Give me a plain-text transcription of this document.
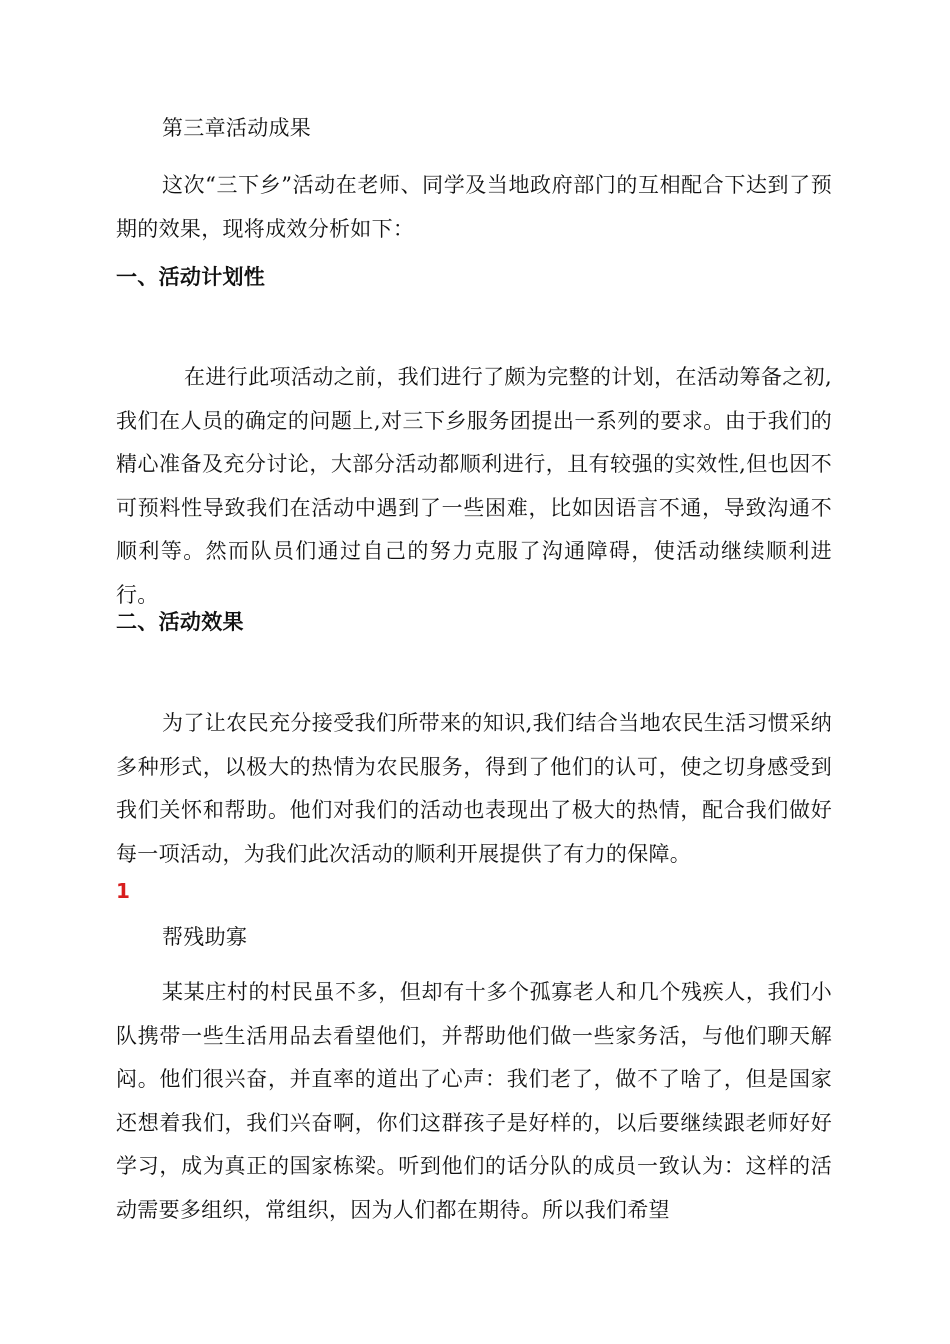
第三章活动成果

这次“三下乡”活动在老师、同学及当地政府部门的互相配合下达到了预期的效果，现将成效分析如下：

一、活动计划性

在进行此项活动之前，我们进行了颇为完整的计划，在活动筹备之初,我们在人员的确定的问题上,对三下乡服务团提出一系列的要求。由于我们的精心准备及充分讨论，大部分活动都顺利进行，且有较强的实效性,但也因不可预料性导致我们在活动中遇到了一些困难，比如因语言不通，导致沟通不顺利等。然而队员们通过自己的努力克服了沟通障碍，使活动继续顺利进行。

二、活动效果

为了让农民充分接受我们所带来的知识,我们结合当地农民生活习惯采纳多种形式，以极大的热情为农民服务，得到了他们的认可，使之切身感受到我们关怀和帮助。他们对我们的活动也表现出了极大的热情，配合我们做好每一项活动，为我们此次活动的顺利开展提供了有力的保障。

1

帮残助寡

某某庄村的村民虽不多，但却有十多个孤寡老人和几个残疾人，我们小队携带一些生活用品去看望他们，并帮助他们做一些家务活，与他们聊天解闷。他们很兴奋，并直率的道出了心声：我们老了，做不了啥了，但是国家还想着我们，我们兴奋啊，你们这群孩子是好样的，以后要继续跟老师好好学习，成为真正的国家栋梁。听到他们的话分队的成员一致认为：这样的活动需要多组织，常组织，因为人们都在期待。所以我们希望
